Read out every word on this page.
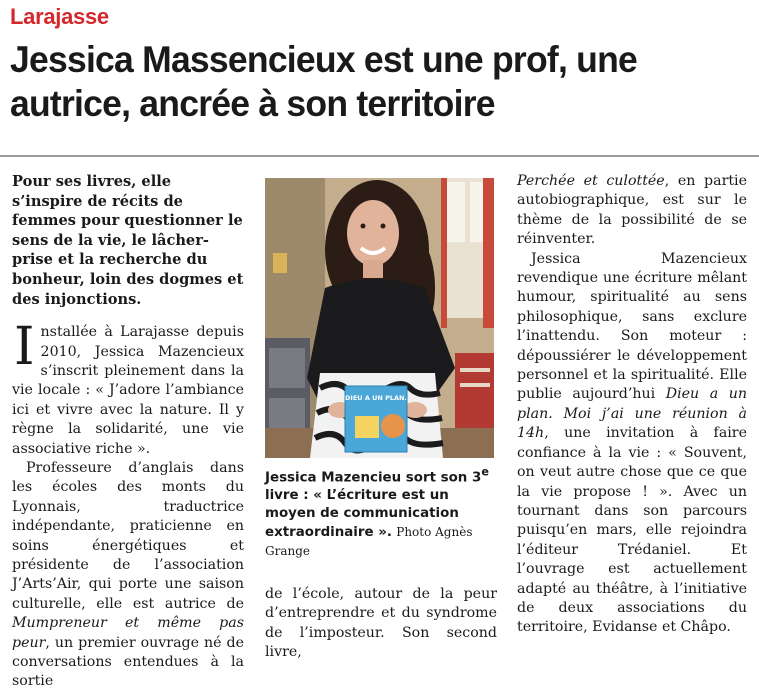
Larajasse
Jessica Massencieux est une prof, une autrice, ancrée à son territoire
Pour ses livres, elle s’inspire de récits de femmes pour questionner le sens de la vie, le lâcher-prise et la recherche du bonheur, loin des dogmes et des injonctions.

Installée à Larajasse depuis 2010, Jessica Mazencieux s’inscrit pleinement dans la vie locale : « J’adore l’ambiance ici et vivre avec la nature. Il y règne la solidarité, une vie associative riche ».

Professeure d’anglais dans les écoles des monts du Lyonnais, traductrice indépendante, praticienne en soins énergétiques et présidente de l’association J’Arts’Air, qui porte une saison culturelle, elle est autrice de Mumpreneur et même pas peur, un premier ouvrage né de conversations entendues à la sortie

DIEU A UN PLAN.
Jessica Mazencieu sort son 3e livre : « L’écriture est un moyen de communication extraordinaire ». Photo Agnès Grange

de l’école, autour de la peur d’entreprendre et du syndrome de l’imposteur. Son second livre,

Perchée et culottée, en partie autobiographique, est sur le thème de la possibilité de se réinventer.

Jessica Mazencieux revendique une écriture mêlant humour, spiritualité au sens philosophique, sans exclure l’inattendu. Son moteur : dépoussiérer le développement personnel et la spiritualité. Elle publie aujourd’hui Dieu a un plan. Moi j’ai une réunion à 14h, une invitation à faire confiance à la vie : « Souvent, on veut autre chose que ce que la vie propose ! ». Avec un tournant dans son parcours puisqu’en mars, elle rejoindra l’éditeur Trédaniel. Et l’ouvrage est actuellement adapté au théâtre, à l’initiative de deux associations du territoire, Evidanse et Châpo.
